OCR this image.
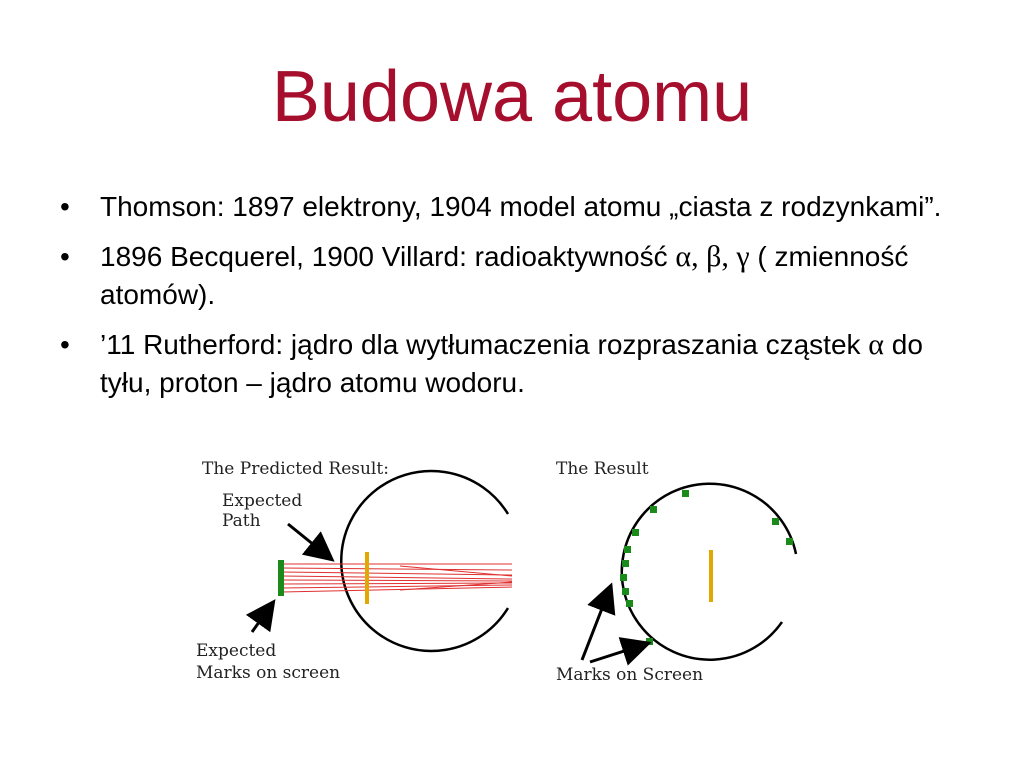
Budowa atomu
• Thomson: 1897 elektrony, 1904 model atomu „ciasta z rodzynkami”.
• 1896 Becquerel, 1900 Villard: radioaktywność α, β, γ ( zmienność atomów).
• ’11 Rutherford: jądro dla wytłumaczenia rozpraszania cząstek α do tyłu, proton – jądro atomu wodoru.
The Predicted Result:
Expected
Path
Expected
Marks on screen
The Result
Marks on Screen
